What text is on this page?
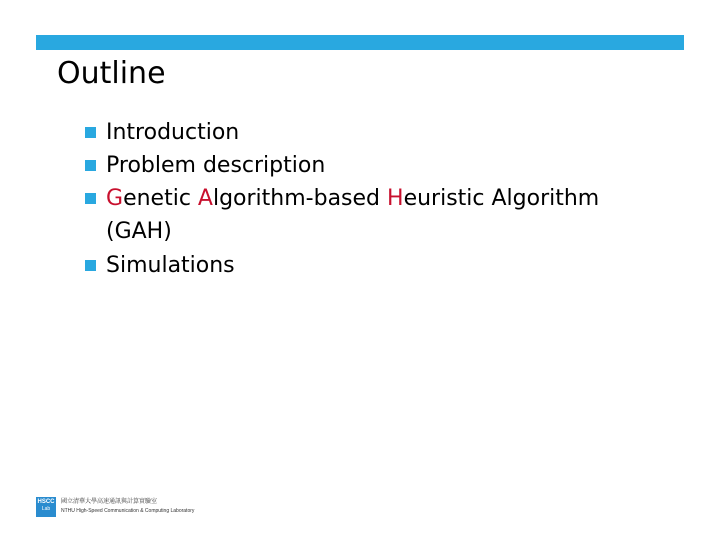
Outline
Introduction
Problem description
Genetic Algorithm-based Heuristic Algorithm
(GAH)
Simulations
HSCC
Lab
國立清華大學高速通訊與計算實驗室
NTHU High-Speed Communication & Computing Laboratory
